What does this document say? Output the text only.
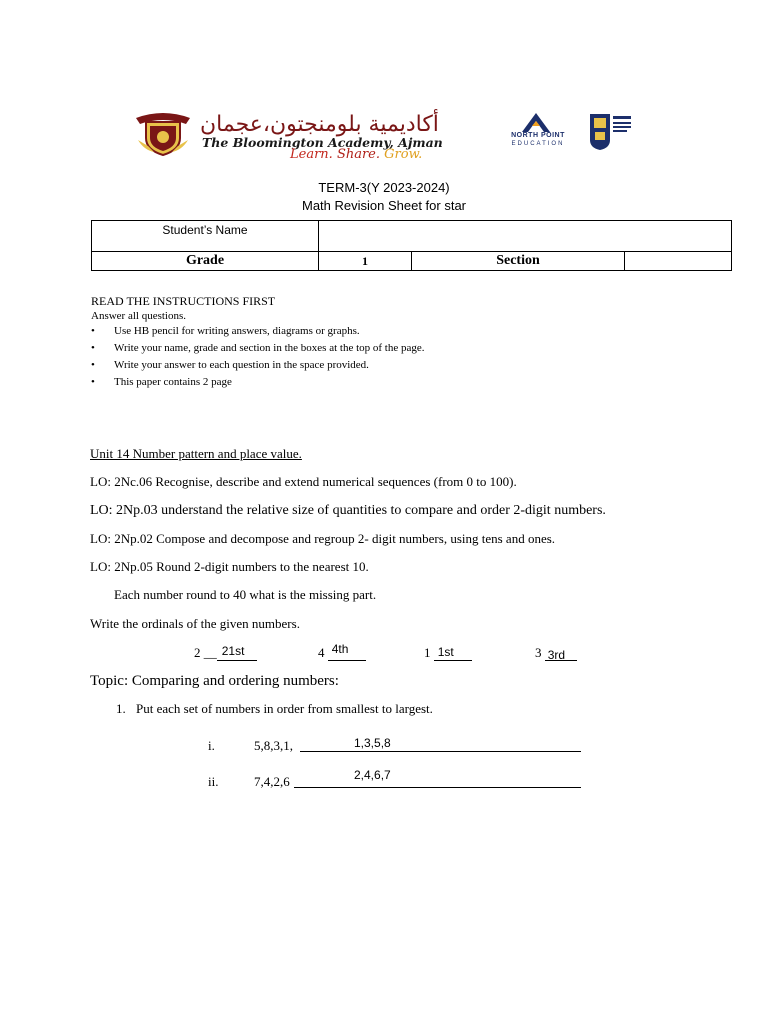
أكاديمية بلومنجتون،عجمان
The Bloomington Academy, Ajman
Learn. Share. Grow.
NORTH POINT
EDUCATION
TERM-3(Y 2023-2024)
Math Revision Sheet for star
Student’s Name			
Grade	1	Section	
READ THE INSTRUCTIONS FIRST
Answer all questions.
• Use HB pencil for writing answers, diagrams or graphs.
• Write your name, grade and section in the boxes at the top of the page.
• Write your answer to each question in the space provided.
• This paper contains 2 page
Unit 14 Number pattern and place value.
LO: 2Nc.06 Recognise, describe and extend numerical sequences (from 0 to 100).
LO: 2Np.03 understand the relative size of quantities to compare and order 2-digit numbers.
LO: 2Np.02 Compose and decompose and regroup 2- digit numbers, using tens and ones.
LO: 2Np.05 Round 2-digit numbers to the nearest 10.
Each number round to 40 what is the missing part.
Write the ordinals of the given numbers.
2 __ 21st	4 4th	1 1st	3 3rd
Topic: Comparing and ordering numbers:
1. Put each set of numbers in order from smallest to largest.
i.	5,8,3,1,	1,3,5,8
ii.	7,4,2,6	2,4,6,7
